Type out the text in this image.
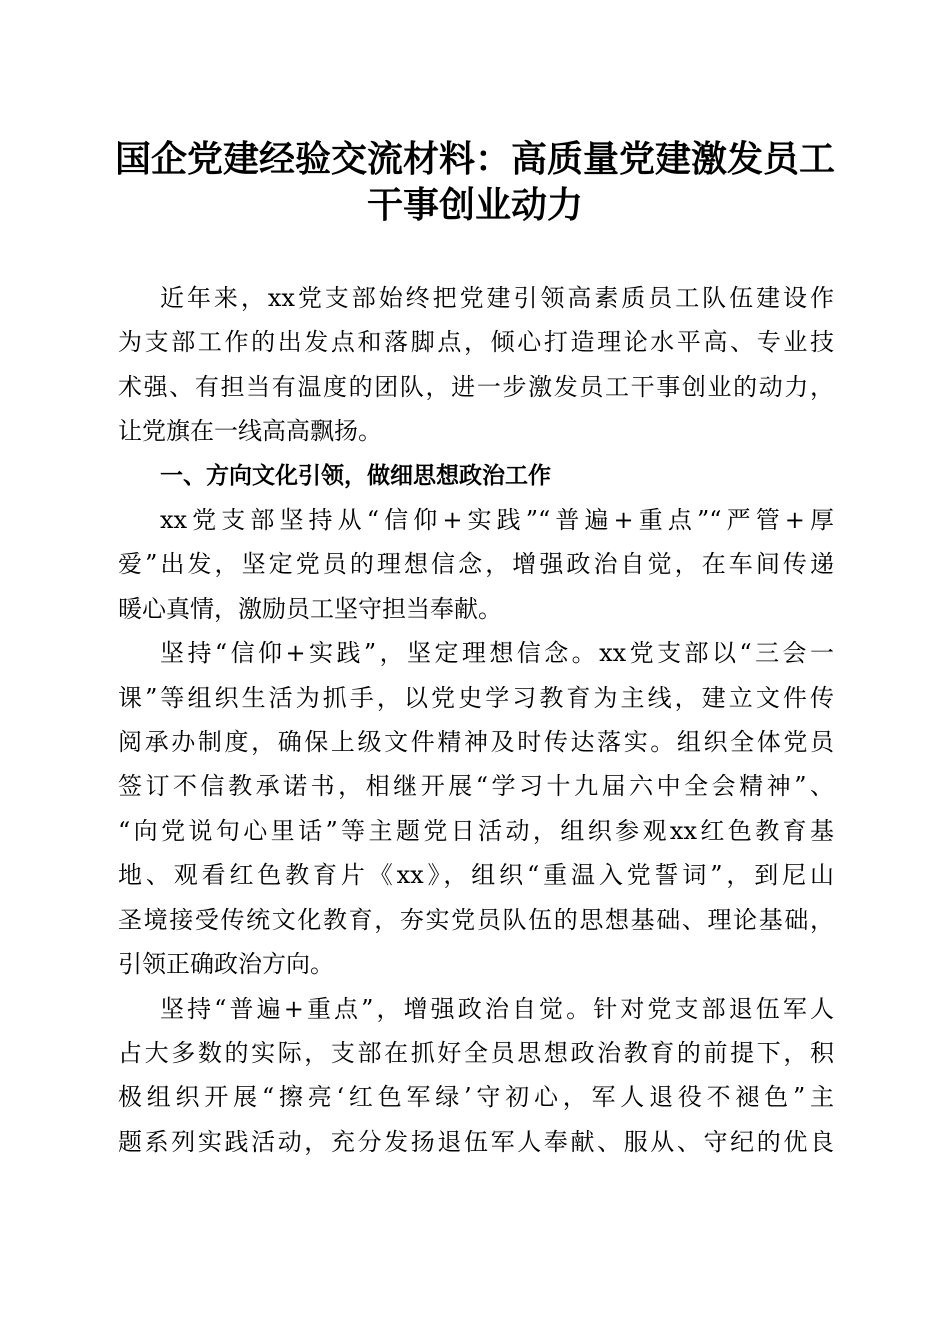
国企党建经验交流材料：高质量党建激发员工
干事创业动力
近年来，xx党支部始终把党建引领高素质员工队伍建设作
为支部工作的出发点和落脚点，倾心打造理论水平高、专业技
术强、有担当有温度的团队，进一步激发员工干事创业的动力，
让党旗在一线高高飘扬。
一、方向文化引领，做细思想政治工作
xx党支部坚持从“信仰+实践”“普遍+重点”“严管+厚
爱”出发，坚定党员的理想信念，增强政治自觉，在车间传递
暖心真情，激励员工坚守担当奉献。
坚持“信仰+实践”，坚定理想信念。xx党支部以“三会一
课”等组织生活为抓手，以党史学习教育为主线，建立文件传
阅承办制度，确保上级文件精神及时传达落实。组织全体党员
签订不信教承诺书，相继开展“学习十九届六中全会精神”、
“向党说句心里话”等主题党日活动，组织参观xx红色教育基
地、观看红色教育片《xx》，组织“重温入党誓词”，到尼山
圣境接受传统文化教育，夯实党员队伍的思想基础、理论基础，
引领正确政治方向。
坚持“普遍+重点”，增强政治自觉。针对党支部退伍军人
占大多数的实际，支部在抓好全员思想政治教育的前提下，积
极组织开展“擦亮‘红色军绿’守初心，军人退役不褪色”主
题系列实践活动，充分发扬退伍军人奉献、服从、守纪的优良
